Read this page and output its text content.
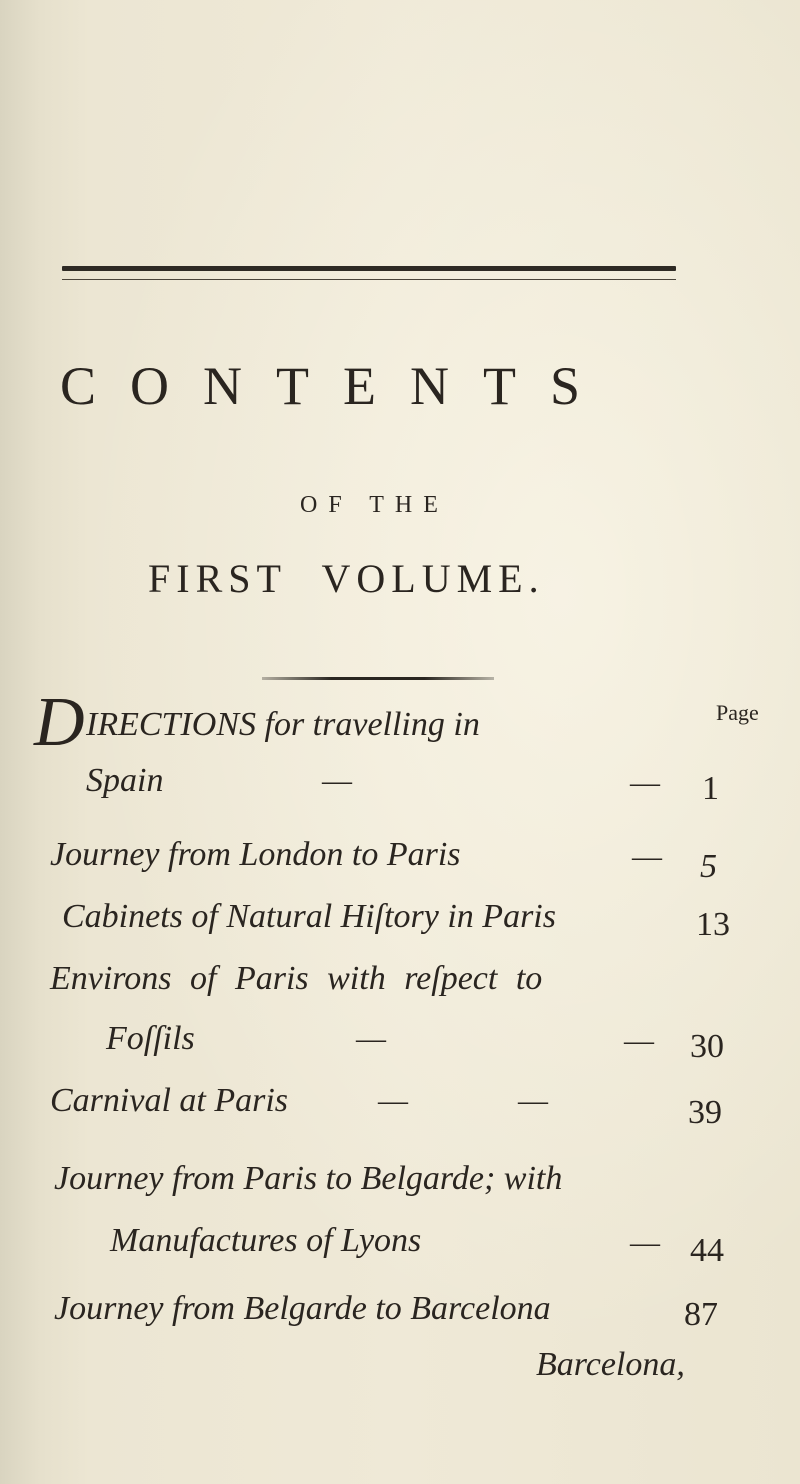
CONTENTS
OF THE
FIRST VOLUME.
Page
D IRECTIONS for travelling in
Spain	—	— 1
Journey from London to Paris	— 5
Cabinets of Natural Hiſtory in Paris	13
Environs of Paris with reſpect to
Foſſils	—	— 30
Carnival at Paris	—	—	39
Journey from Paris to Belgarde; with
Manufactures of Lyons	— 44
Journey from Belgarde to Barcelona	87
Barcelona,
